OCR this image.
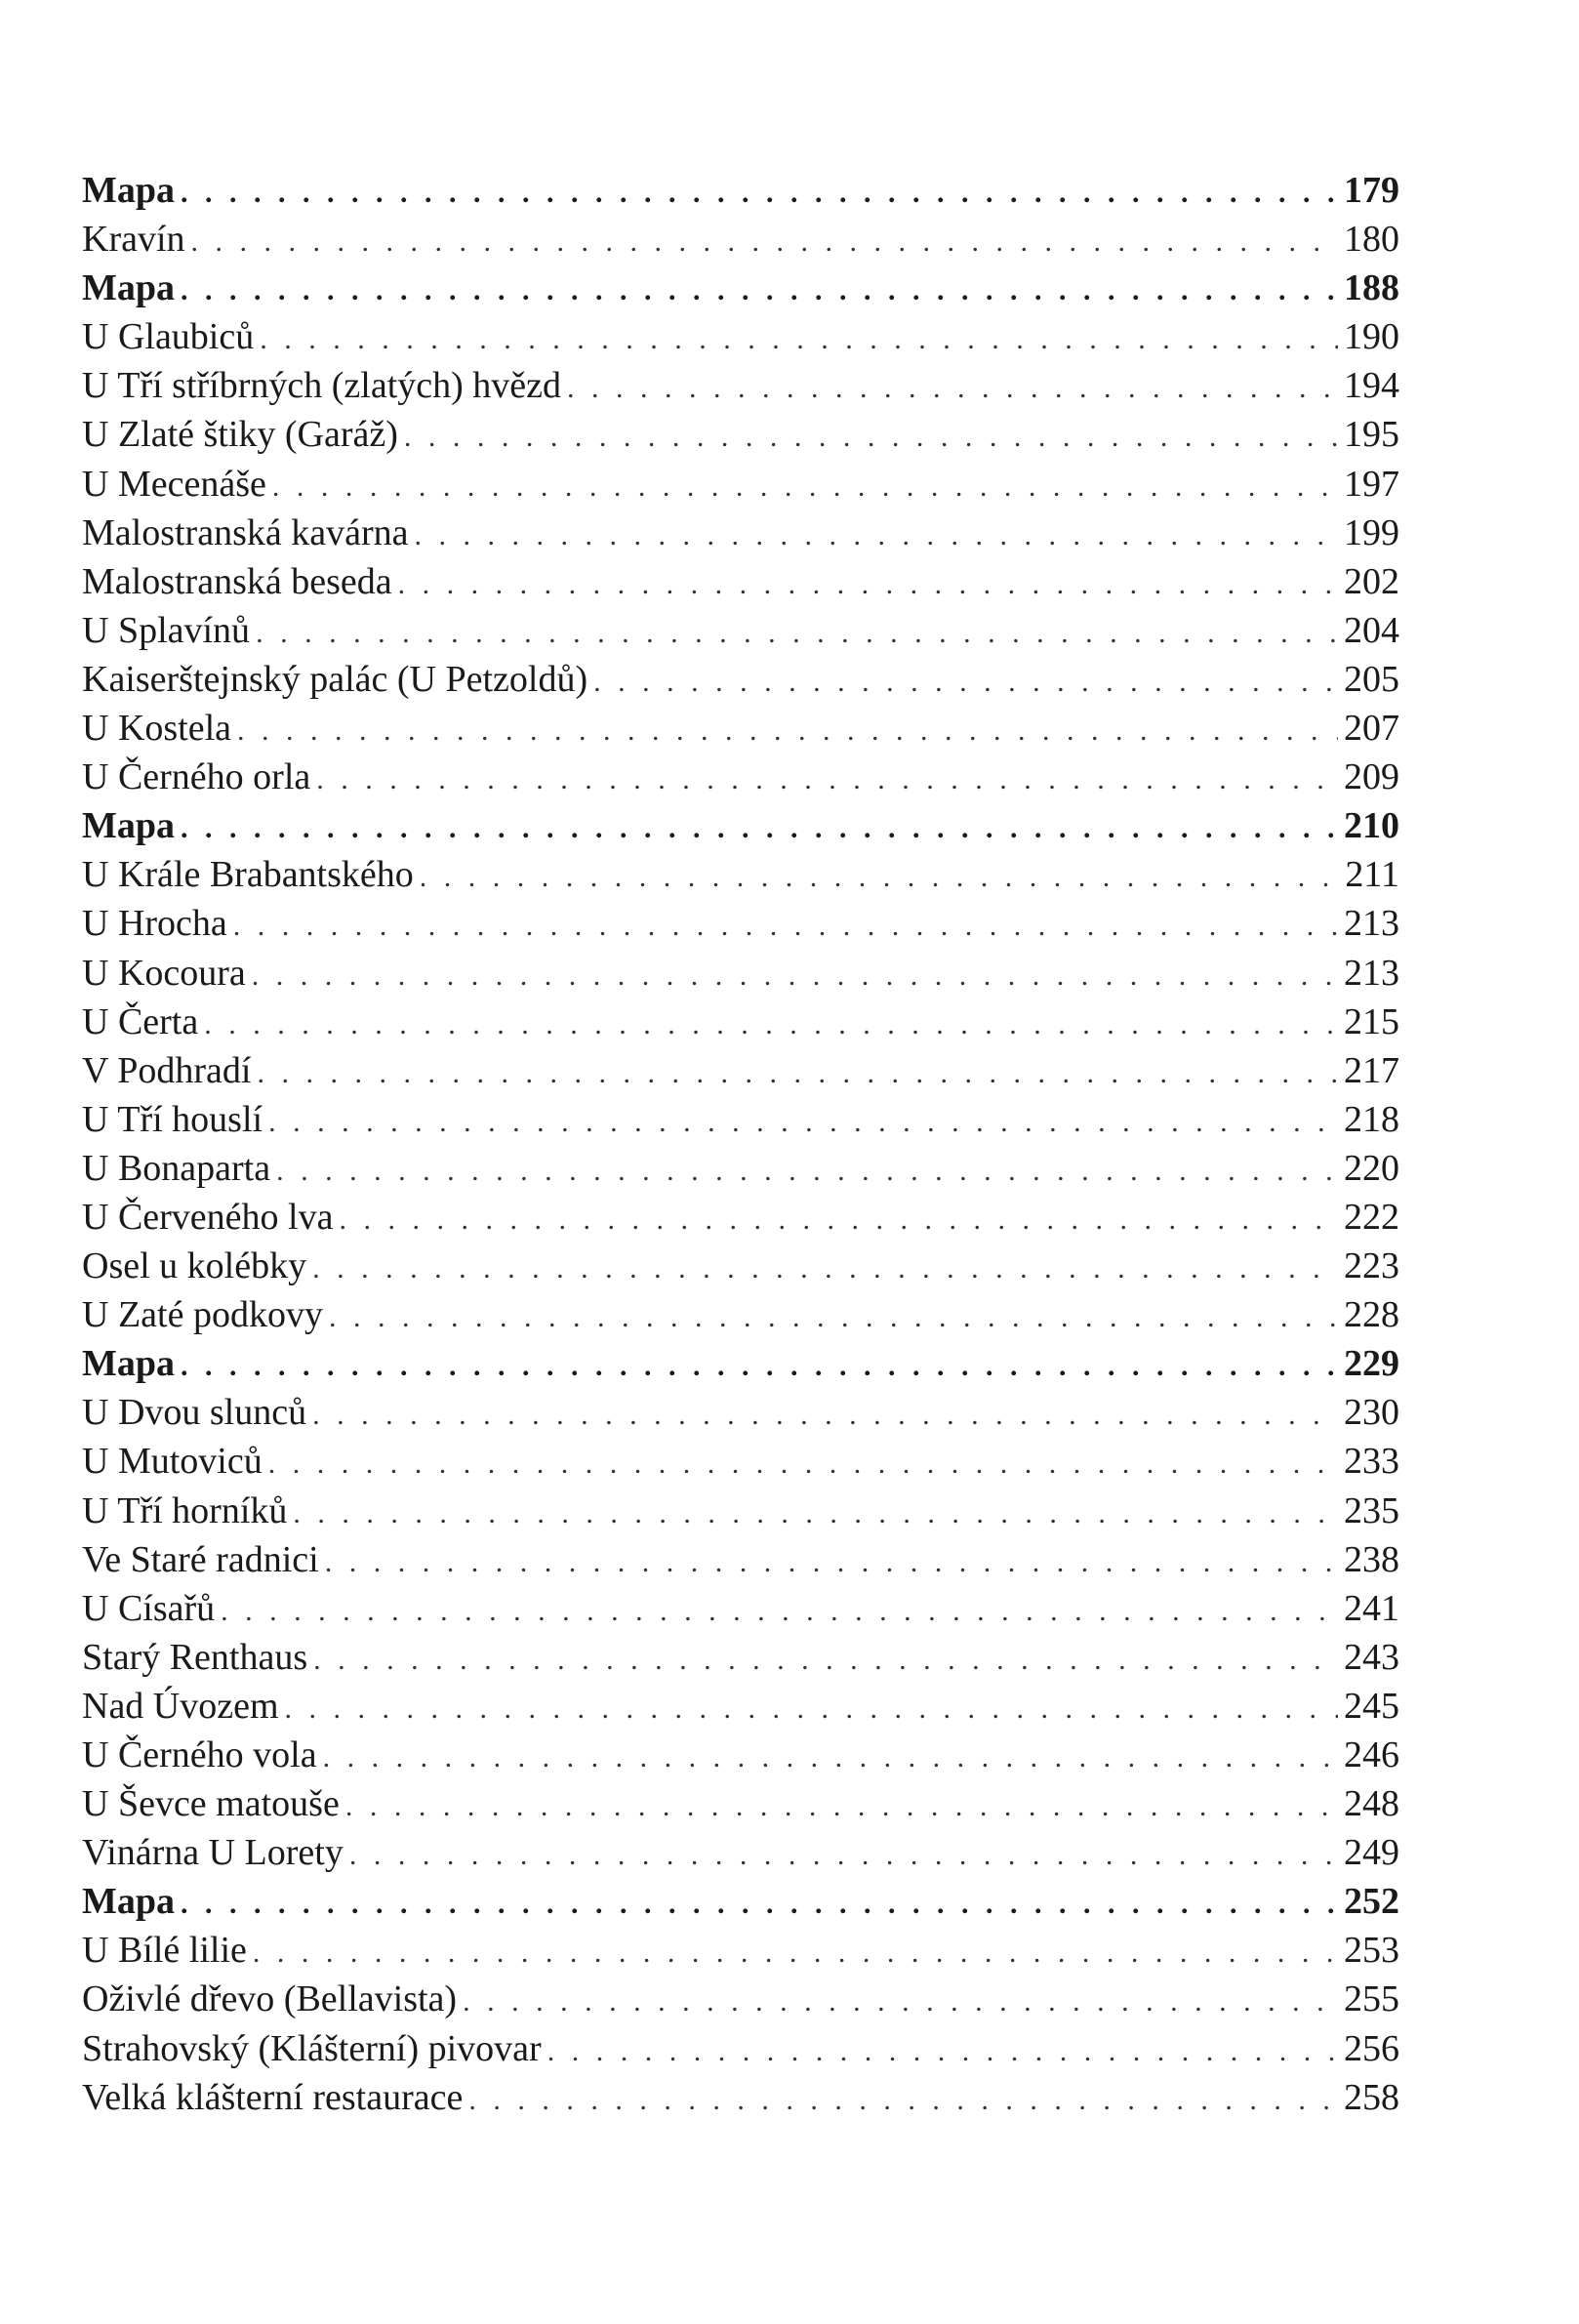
Mapa . . .	179
Kravín . . .	180
Mapa . . .	188
U Glaubiců . . .	190
U Tří stříbrných (zlatých) hvězd . . .	194
U Zlaté štiky (Garáž) . . .	195
U Mecenáše . . .	197
Malostranská kavárna . . .	199
Malostranská beseda . . .	202
U Splavínů . . .	204
Kaiserštejnský palác (U Petzoldů) . . .	205
U Kostela . . .	207
U Černého orla . . .	209
Mapa . . .	210
U Krále Brabantského . . .	211
U Hrocha . . .	213
U Kocoura . . .	213
U Čerta . . .	215
V Podhradí . . .	217
U Tří houslí . . .	218
U Bonaparta . . .	220
U Červeného lva . . .	222
Osel u kolébky . . .	223
U Zaté podkovy . . .	228
Mapa . . .	229
U Dvou slunců . . .	230
U Mutoviců . . .	233
U Tří horníků . . .	235
Ve Staré radnici . . .	238
U Císařů . . .	241
Starý Renthaus . . .	243
Nad Úvozem . . .	245
U Černého vola . . .	246
U Ševce matouše . . .	248
Vinárna U Lorety . . .	249
Mapa . . .	252
U Bílé lilie . . .	253
Oživlé dřevo (Bellavista) . . .	255
Strahovský (Klášterní) pivovar . . .	256
Velká klášterní restaurace . . .	258
